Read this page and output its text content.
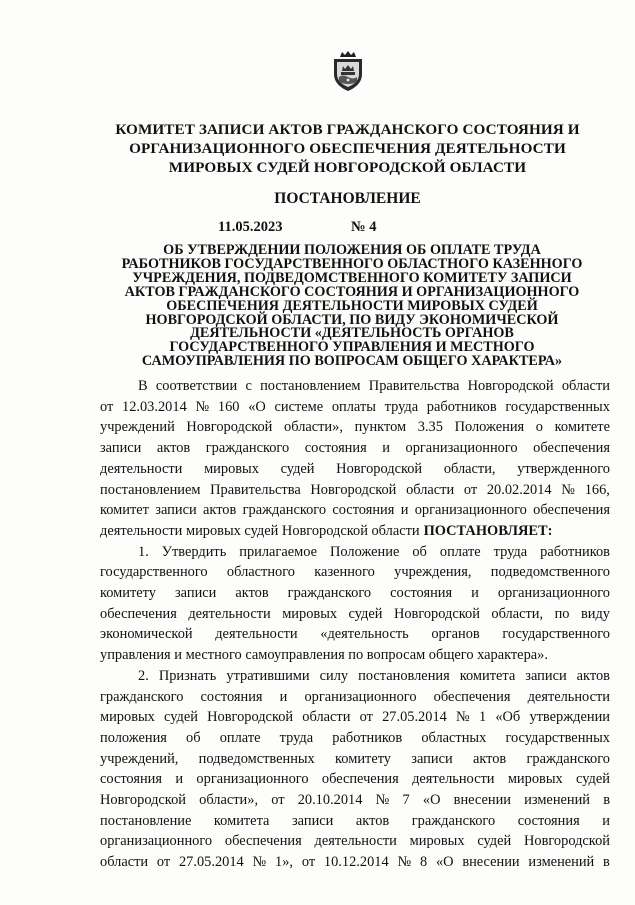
КОМИТЕТ ЗАПИСИ АКТОВ ГРАЖДАНСКОГО СОСТОЯНИЯ И
ОРГАНИЗАЦИОННОГО ОБЕСПЕЧЕНИЯ ДЕЯТЕЛЬНОСТИ
МИРОВЫХ СУДЕЙ НОВГОРОДСКОЙ ОБЛАСТИ
ПОСТАНОВЛЕНИЕ
11.05.2023	№ 4
ОБ УТВЕРЖДЕНИИ ПОЛОЖЕНИЯ ОБ ОПЛАТЕ ТРУДА
РАБОТНИКОВ ГОСУДАРСТВЕННОГО ОБЛАСТНОГО КАЗЕННОГО
УЧРЕЖДЕНИЯ, ПОДВЕДОМСТВЕННОГО КОМИТЕТУ ЗАПИСИ
АКТОВ ГРАЖДАНСКОГО СОСТОЯНИЯ И ОРГАНИЗАЦИОННОГО
ОБЕСПЕЧЕНИЯ ДЕЯТЕЛЬНОСТИ МИРОВЫХ СУДЕЙ
НОВГОРОДСКОЙ ОБЛАСТИ, ПО ВИДУ ЭКОНОМИЧЕСКОЙ
ДЕЯТЕЛЬНОСТИ «ДЕЯТЕЛЬНОСТЬ ОРГАНОВ
ГОСУДАРСТВЕННОГО УПРАВЛЕНИЯ И МЕСТНОГО
САМОУПРАВЛЕНИЯ ПО ВОПРОСАМ ОБЩЕГО ХАРАКТЕРА»
В соответствии с постановлением Правительства Новгородской области
от 12.03.2014 № 160 «О системе оплаты труда работников государственных
учреждений Новгородской области», пунктом 3.35 Положения о комитете
записи актов гражданского состояния и организационного обеспечения
деятельности мировых судей Новгородской области, утвержденного
постановлением Правительства Новгородской области от 20.02.2014 № 166,
комитет записи актов гражданского состояния и организационного обеспечения
деятельности мировых судей Новгородской области ПОСТАНОВЛЯЕТ:
1. Утвердить прилагаемое Положение об оплате труда работников
государственного областного казенного учреждения, подведомственного
комитету записи актов гражданского состояния и организационного
обеспечения деятельности мировых судей Новгородской области, по виду
экономической деятельности «деятельность органов государственного
управления и местного самоуправления по вопросам общего характера».
2. Признать утратившими силу постановления комитета записи актов
гражданского состояния и организационного обеспечения деятельности
мировых судей Новгородской области от 27.05.2014 № 1 «Об утверждении
положения об оплате труда работников областных государственных
учреждений, подведомственных комитету записи актов гражданского
состояния и организационного обеспечения деятельности мировых судей
Новгородской области», от 20.10.2014 № 7 «О внесении изменений в
постановление комитета записи актов гражданского состояния и
организационного обеспечения деятельности мировых судей Новгородской
области от 27.05.2014 № 1», от 10.12.2014 № 8 «О внесении изменений в
